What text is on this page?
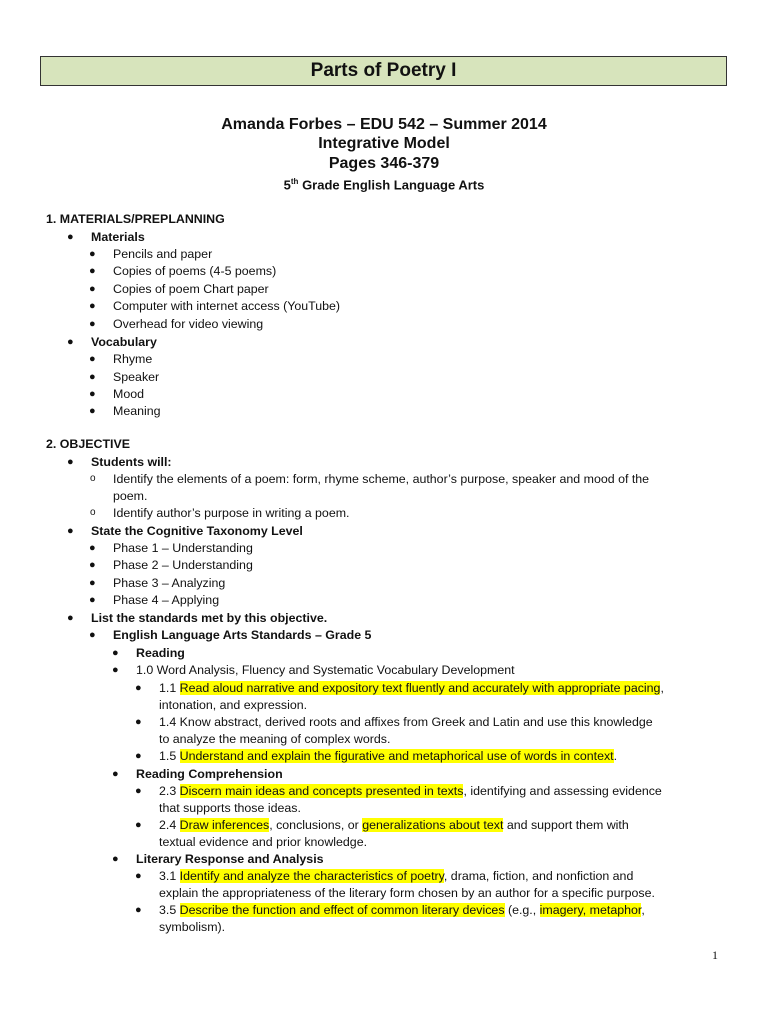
Parts of Poetry I
Amanda Forbes – EDU 542 – Summer 2014
Integrative Model
Pages 346-379
5th Grade English Language Arts
1. MATERIALS/PREPLANNING
● Materials
● Pencils and paper
● Copies of poems (4-5 poems)
● Copies of poem Chart paper
● Computer with internet access (YouTube)
● Overhead for video viewing
● Vocabulary
● Rhyme
● Speaker
● Mood
● Meaning
2. OBJECTIVE
● Students will:
o Identify the elements of a poem: form, rhyme scheme, author’s purpose, speaker and mood of the
poem.
o Identify author’s purpose in writing a poem.
● State the Cognitive Taxonomy Level
● Phase 1 – Understanding
● Phase 2 – Understanding
● Phase 3 – Analyzing
● Phase 4 – Applying
● List the standards met by this objective.
● English Language Arts Standards – Grade 5
● Reading
● 1.0 Word Analysis, Fluency and Systematic Vocabulary Development
● 1.1 Read aloud narrative and expository text fluently and accurately with appropriate pacing,
intonation, and expression.
● 1.4 Know abstract, derived roots and affixes from Greek and Latin and use this knowledge
to analyze the meaning of complex words.
● 1.5 Understand and explain the figurative and metaphorical use of words in context.
● Reading Comprehension
● 2.3 Discern main ideas and concepts presented in texts, identifying and assessing evidence
that supports those ideas.
● 2.4 Draw inferences, conclusions, or generalizations about text and support them with
textual evidence and prior knowledge.
● Literary Response and Analysis
● 3.1 Identify and analyze the characteristics of poetry, drama, fiction, and nonfiction and
explain the appropriateness of the literary form chosen by an author for a specific purpose.
● 3.5 Describe the function and effect of common literary devices (e.g., imagery, metaphor,
symbolism).
1
